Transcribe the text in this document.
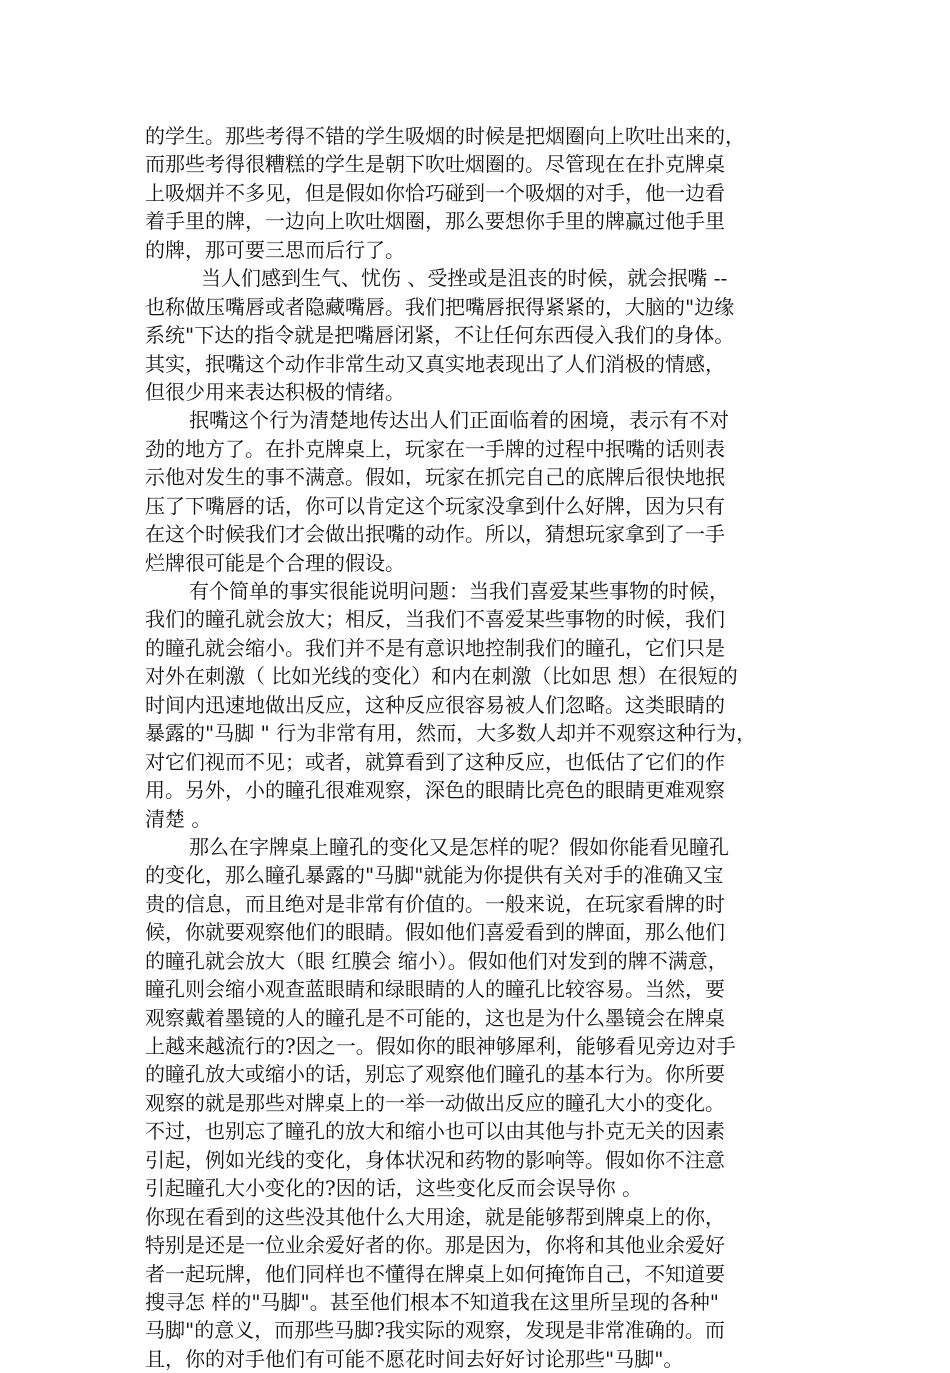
的学生。那些考得不错的学生吸烟的时候是把烟圈向上吹吐出来的，
而那些考得很糟糕的学生是朝下吹吐烟圈的。尽管现在在扑克牌桌
上吸烟并不多见，但是假如你恰巧碰到一个吸烟的对手，他一边看
着手里的牌，一边向上吹吐烟圈，那么要想你手里的牌赢过他手里
的牌，那可要三思而后行了。
当人们感到生气、忧伤 、受挫或是沮丧的时候，就会抿嘴 --
也称做压嘴唇或者隐藏嘴唇。我们把嘴唇抿得紧紧的，大脑的"边缘
系统"下达的指令就是把嘴唇闭紧，不让任何东西侵入我们的身体。
其实，抿嘴这个动作非常生动又真实地表现出了人们消极的情感，
但很少用来表达积极的情绪。
抿嘴这个行为清楚地传达出人们正面临着的困境，表示有不对
劲的地方了。在扑克牌桌上，玩家在一手牌的过程中抿嘴的话则表
示他对发生的事不满意。假如，玩家在抓完自己的底牌后很快地抿
压了下嘴唇的话，你可以肯定这个玩家没拿到什么好牌，因为只有
在这个时候我们才会做出抿嘴的动作。所以，猜想玩家拿到了一手
烂牌很可能是个合理的假设。
有个简单的事实很能说明问题：当我们喜爱某些事物的时候，
我们的瞳孔就会放大；相反，当我们不喜爱某些事物的时候，我们
的瞳孔就会缩小。我们并不是有意识地控制我们的瞳孔，它们只是
对外在刺激（ 比如光线的变化）和内在刺激（比如思 想）在很短的
时间内迅速地做出反应，这种反应很容易被人们忽略。这类眼睛的
暴露的"马脚 " 行为非常有用，然而，大多数人却并不观察这种行为，
对它们视而不见；或者，就算看到了这种反应，也低估了它们的作
用。另外，小的瞳孔很难观察，深色的眼睛比亮色的眼睛更难观察
清楚 。
那么在字牌桌上瞳孔的变化又是怎样的呢？假如你能看见瞳孔
的变化，那么瞳孔暴露的"马脚"就能为你提供有关对手的准确又宝
贵的信息，而且绝对是非常有价值的。一般来说，在玩家看牌的时
候，你就要观察他们的眼睛。假如他们喜爱看到的牌面，那么他们
的瞳孔就会放大（眼 红膜会 缩小）。假如他们对发到的牌不满意，
瞳孔则会缩小观查蓝眼睛和绿眼睛的人的瞳孔比较容易。当然，要
观察戴着墨镜的人的瞳孔是不可能的，这也是为什么墨镜会在牌桌
上越来越流行的?因之一。假如你的眼神够犀利，能够看见旁边对手
的瞳孔放大或缩小的话，别忘了观察他们瞳孔的基本行为。你所要
观察的就是那些对牌桌上的一举一动做出反应的瞳孔大小的变化。
不过，也别忘了瞳孔的放大和缩小也可以由其他与扑克无关的因素
引起，例如光线的变化，身体状况和药物的影响等。假如你不注意
引起瞳孔大小变化的?因的话，这些变化反而会误导你 。
你现在看到的这些没其他什么大用途，就是能够帮到牌桌上的你，
特别是还是一位业余爱好者的你。那是因为，你将和其他业余爱好
者一起玩牌，他们同样也不懂得在牌桌上如何掩饰自己，不知道要
搜寻怎 样的"马脚"。甚至他们根本不知道我在这里所呈现的各种"
马脚"的意义，而那些马脚?我实际的观察，发现是非常准确的。而
且，你的对手他们有可能不愿花时间去好好讨论那些"马脚"。
